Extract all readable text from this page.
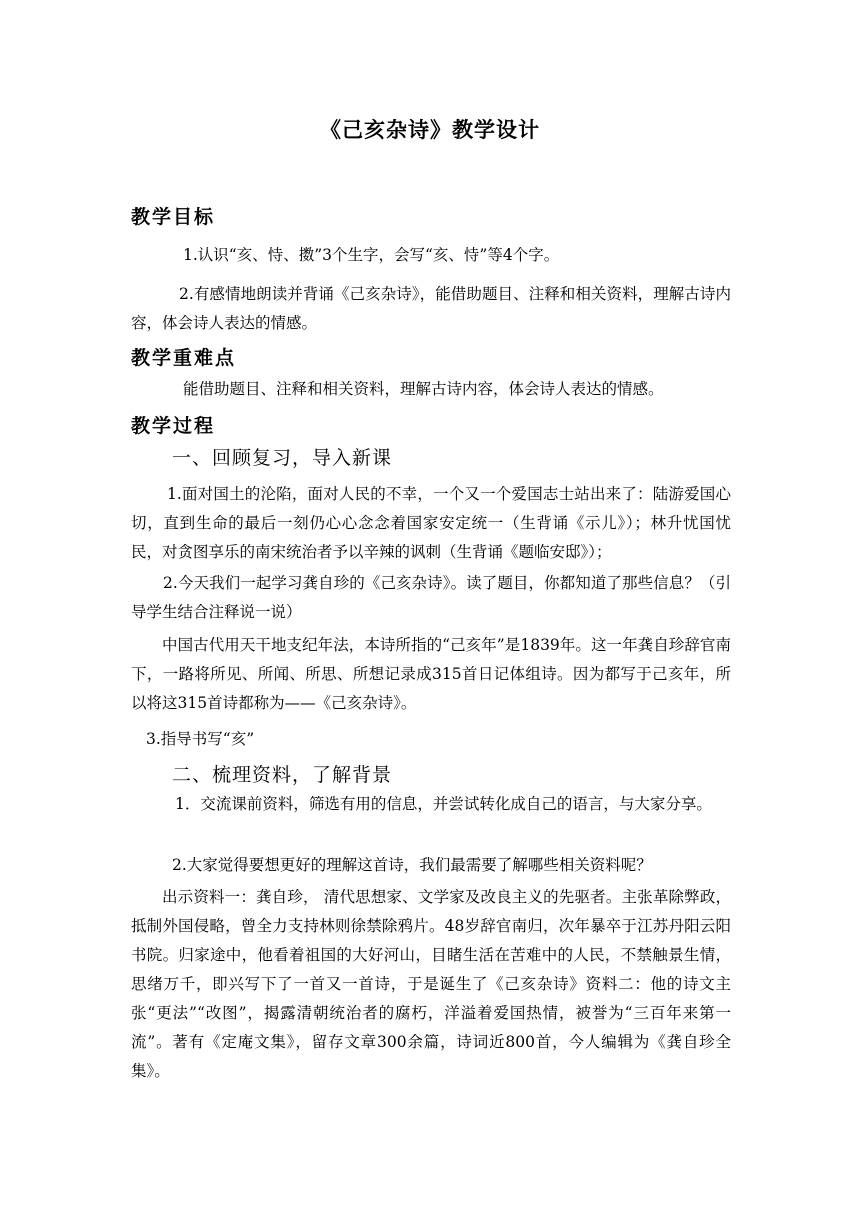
《己亥杂诗》教学设计
教学目标
1.认识“亥、恃、擞”3个生字，会写“亥、恃”等4个字。
2.有感情地朗读并背诵《己亥杂诗》，能借助题目、注释和相关资料，理解古诗内容，体会诗人表达的情感。
教学重难点
能借助题目、注释和相关资料，理解古诗内容，体会诗人表达的情感。
教学过程
一、回顾复习，导入新课
1.面对国土的沦陷，面对人民的不幸，一个又一个爱国志士站出来了：陆游爱国心切，直到生命的最后一刻仍心心念念着国家安定统一（生背诵《示儿》）；林升忧国忧民，对贪图享乐的南宋统治者予以辛辣的讽刺（生背诵《题临安邸》）；
2.今天我们一起学习龚自珍的《己亥杂诗》。读了题目，你都知道了那些信息？（引导学生结合注释说一说）
中国古代用天干地支纪年法，本诗所指的“己亥年”是1839年。这一年龚自珍辞官南下，一路将所见、所闻、所思、所想记录成315首日记体组诗。因为都写于己亥年，所以将这315首诗都称为——《己亥杂诗》。
3.指导书写“亥”
二、梳理资料，了解背景
1．交流课前资料，筛选有用的信息，并尝试转化成自己的语言，与大家分享。
2.大家觉得要想更好的理解这首诗，我们最需要了解哪些相关资料呢？
出示资料一：龚自珍， 清代思想家、文学家及改良主义的先驱者。主张革除弊政，抵制外国侵略，曾全力支持林则徐禁除鸦片。48岁辞官南归，次年暴卒于江苏丹阳云阳书院。归家途中，他看着祖国的大好河山，目睹生活在苦难中的人民，不禁触景生情，思绪万千，即兴写下了一首又一首诗，于是诞生了《己亥杂诗》资料二：他的诗文主张“更法”“改图”，揭露清朝统治者的腐朽，洋溢着爱国热情，被誉为“三百年来第一流”。著有《定庵文集》，留存文章300余篇，诗词近800首，今人编辑为《龚自珍全集》。
